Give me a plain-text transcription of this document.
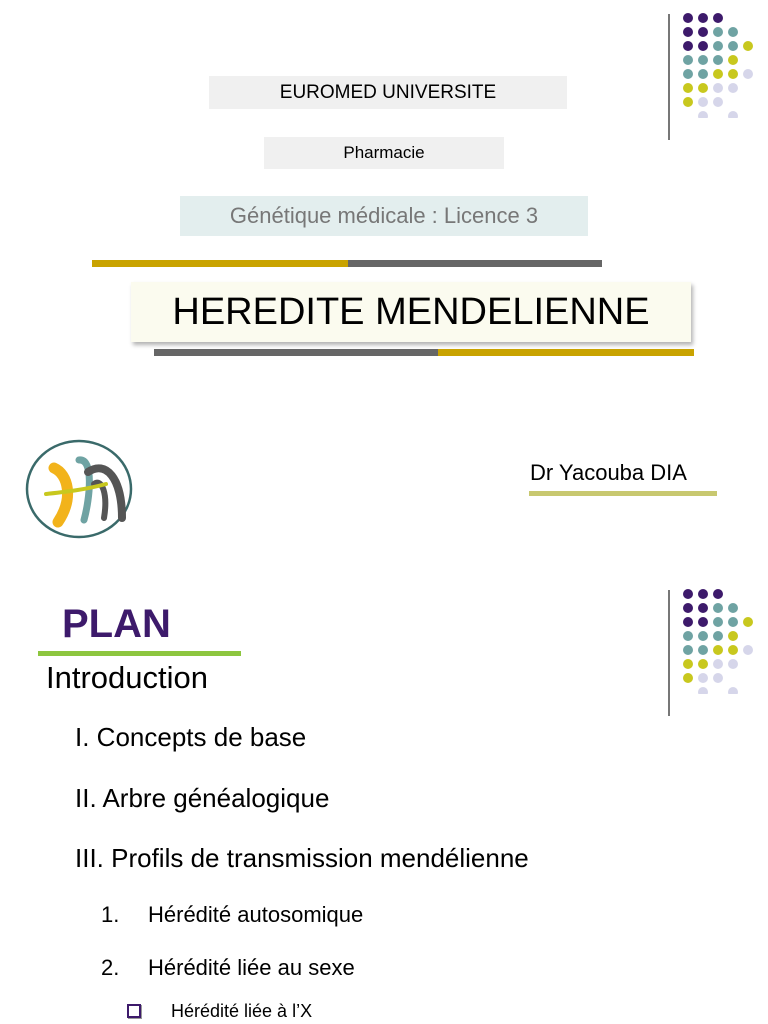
EUROMED UNIVERSITE
Pharmacie
Génétique médicale : Licence 3
HEREDITE MENDELIENNE
Dr Yacouba DIA
PLAN
Introduction
I. Concepts de base
II. Arbre généalogique
III. Profils de transmission mendélienne
1. Hérédité autosomique
2. Hérédité liée au sexe
Hérédité liée à l’X
